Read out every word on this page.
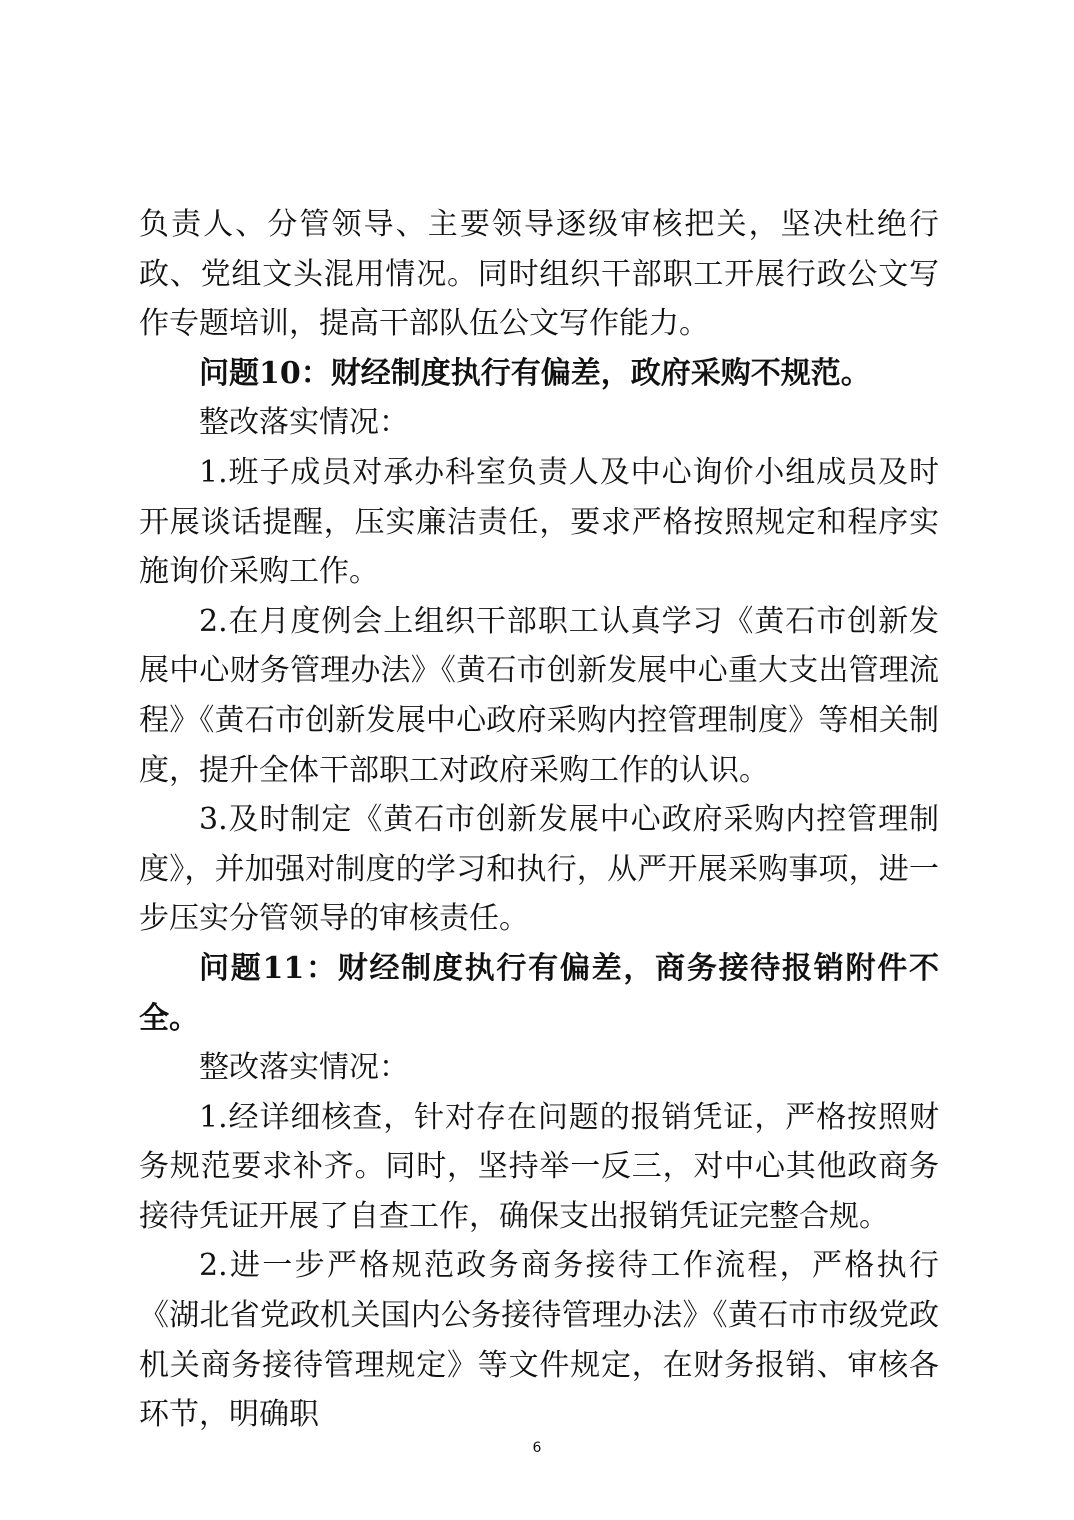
负责人、分管领导、主要领导逐级审核把关，坚决杜绝行政、党组文头混用情况。同时组织干部职工开展行政公文写作专题培训，提高干部队伍公文写作能力。

问题10：财经制度执行有偏差，政府采购不规范。

整改落实情况：

1.班子成员对承办科室负责人及中心询价小组成员及时开展谈话提醒，压实廉洁责任，要求严格按照规定和程序实施询价采购工作。

2.在月度例会上组织干部职工认真学习《黄石市创新发展中心财务管理办法》《黄石市创新发展中心重大支出管理流程》《黄石市创新发展中心政府采购内控管理制度》等相关制度，提升全体干部职工对政府采购工作的认识。

3.及时制定《黄石市创新发展中心政府采购内控管理制度》，并加强对制度的学习和执行，从严开展采购事项，进一步压实分管领导的审核责任。

问题11：财经制度执行有偏差，商务接待报销附件不全。

整改落实情况：

1.经详细核查，针对存在问题的报销凭证，严格按照财务规范要求补齐。同时，坚持举一反三，对中心其他政商务接待凭证开展了自查工作，确保支出报销凭证完整合规。

2.进一步严格规范政务商务接待工作流程，严格执行《湖北省党政机关国内公务接待管理办法》《黄石市市级党政机关商务接待管理规定》等文件规定，在财务报销、审核各环节，明确职

6
